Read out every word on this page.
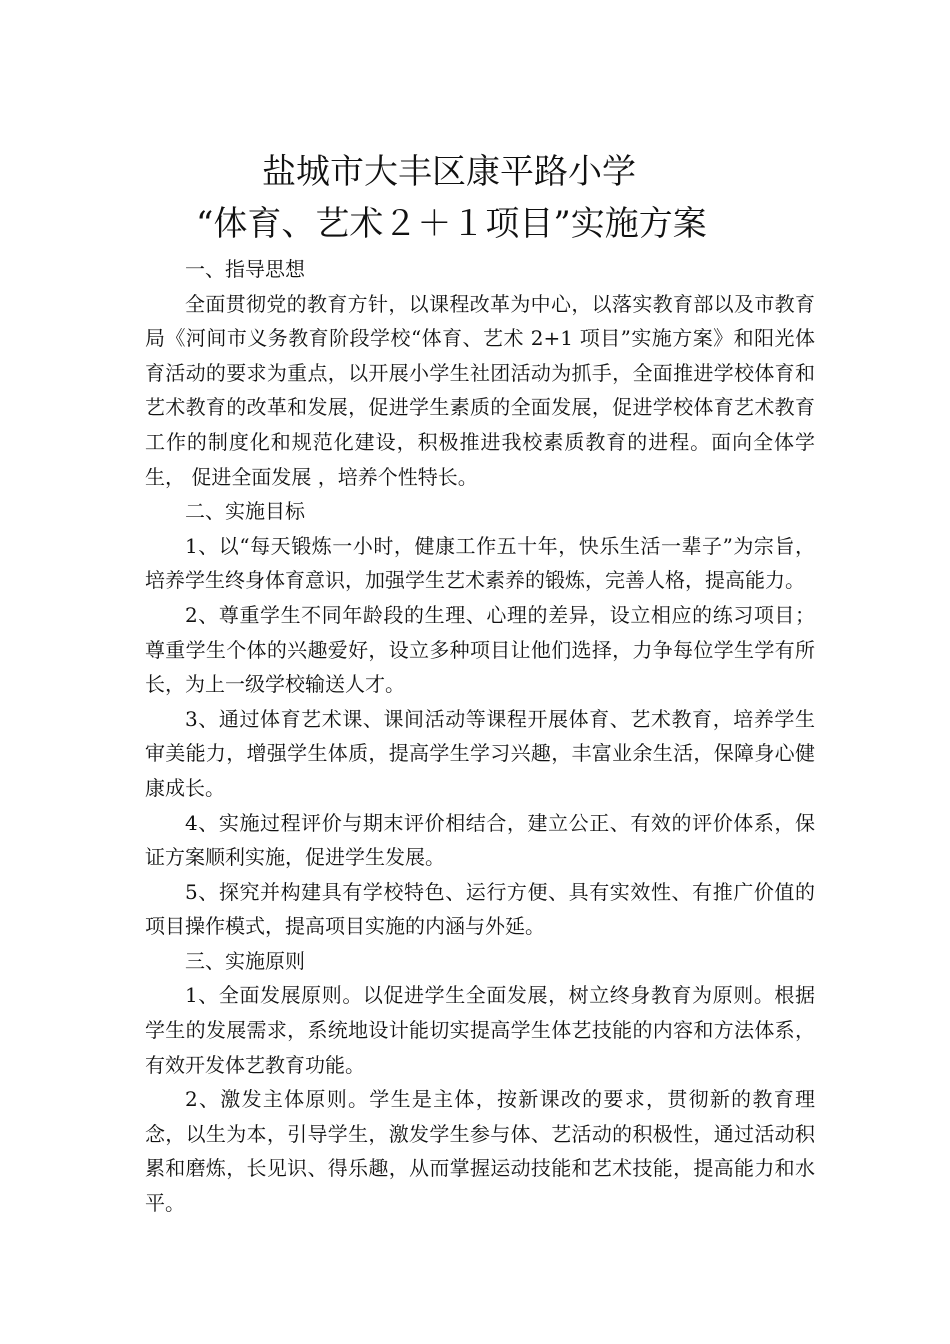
盐城市大丰区康平路小学
“体育、艺术２＋１项目”实施方案

一、指导思想

全面贯彻党的教育方针，以课程改革为中心，以落实教育部以及市教育局《河间市义务教育阶段学校“体育、艺术 2+1 项目”实施方案》和阳光体育活动的要求为重点，以开展小学生社团活动为抓手，全面推进学校体育和艺术教育的改革和发展，促进学生素质的全面发展，促进学校体育艺术教育工作的制度化和规范化建设，积极推进我校素质教育的进程。面向全体学生， 促进全面发展 ，培养个性特长。

二、实施目标

1、以“每天锻炼一小时，健康工作五十年，快乐生活一辈子”为宗旨，培养学生终身体育意识，加强学生艺术素养的锻炼，完善人格，提高能力。

2、尊重学生不同年龄段的生理、心理的差异，设立相应的练习项目；尊重学生个体的兴趣爱好，设立多种项目让他们选择，力争每位学生学有所长，为上一级学校输送人才。

3、通过体育艺术课、课间活动等课程开展体育、艺术教育，培养学生审美能力，增强学生体质，提高学生学习兴趣，丰富业余生活，保障身心健康成长。

4、实施过程评价与期末评价相结合，建立公正、有效的评价体系，保证方案顺利实施，促进学生发展。

5、探究并构建具有学校特色、运行方便、具有实效性、有推广价值的项目操作模式，提高项目实施的内涵与外延。

三、实施原则

1、全面发展原则。以促进学生全面发展，树立终身教育为原则。根据学生的发展需求，系统地设计能切实提高学生体艺技能的内容和方法体系，有效开发体艺教育功能。

2、激发主体原则。学生是主体，按新课改的要求，贯彻新的教育理念，以生为本，引导学生，激发学生参与体、艺活动的积极性，通过活动积累和磨炼，长见识、得乐趣，从而掌握运动技能和艺术技能，提高能力和水平。
